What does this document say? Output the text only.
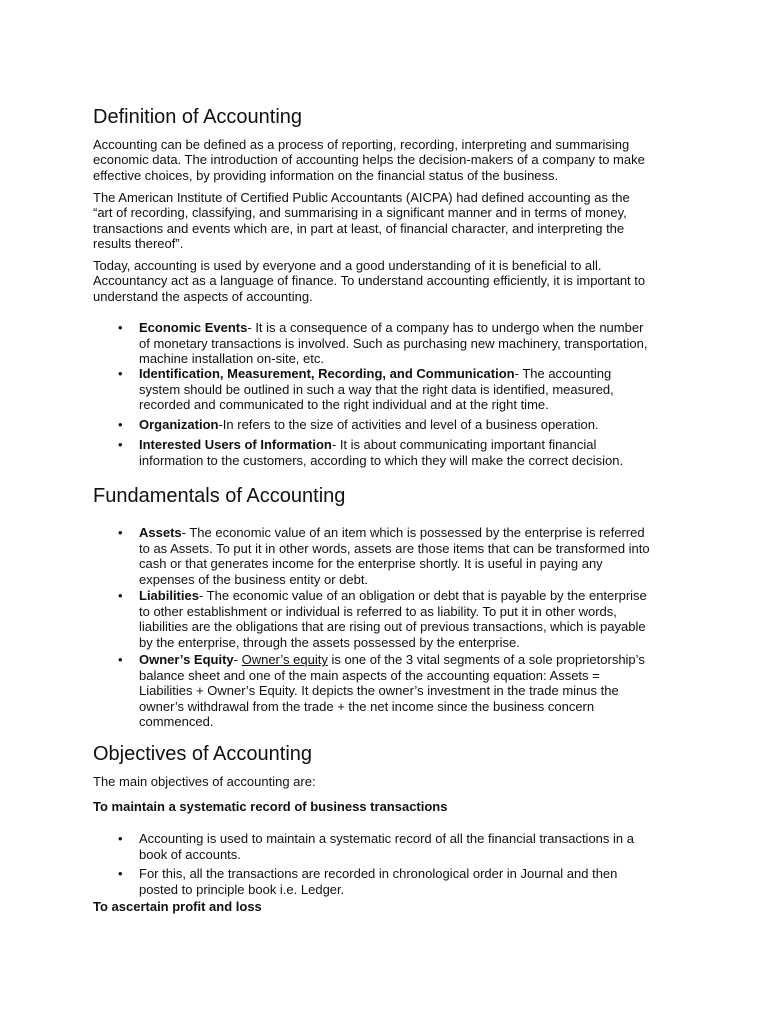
Definition of Accounting
Accounting can be defined as a process of reporting, recording, interpreting and summarising
economic data. The introduction of accounting helps the decision-makers of a company to make
effective choices, by providing information on the financial status of the business.
The American Institute of Certified Public Accountants (AICPA) had defined accounting as the
“art of recording, classifying, and summarising in a significant manner and in terms of money,
transactions and events which are, in part at least, of financial character, and interpreting the
results thereof”.
Today, accounting is used by everyone and a good understanding of it is beneficial to all.
Accountancy act as a language of finance. To understand accounting efficiently, it is important to
understand the aspects of accounting.
• Economic Events- It is a consequence of a company has to undergo when the number
of monetary transactions is involved. Such as purchasing new machinery, transportation,
machine installation on-site, etc.
• Identification, Measurement, Recording, and Communication- The accounting
system should be outlined in such a way that the right data is identified, measured,
recorded and communicated to the right individual and at the right time.
• Organization-In refers to the size of activities and level of a business operation.
• Interested Users of Information- It is about communicating important financial
information to the customers, according to which they will make the correct decision.
Fundamentals of Accounting
• Assets- The economic value of an item which is possessed by the enterprise is referred
to as Assets. To put it in other words, assets are those items that can be transformed into
cash or that generates income for the enterprise shortly. It is useful in paying any
expenses of the business entity or debt.
• Liabilities- The economic value of an obligation or debt that is payable by the enterprise
to other establishment or individual is referred to as liability. To put it in other words,
liabilities are the obligations that are rising out of previous transactions, which is payable
by the enterprise, through the assets possessed by the enterprise.
• Owner’s Equity- Owner’s equity is one of the 3 vital segments of a sole proprietorship’s
balance sheet and one of the main aspects of the accounting equation: Assets =
Liabilities + Owner’s Equity. It depicts the owner’s investment in the trade minus the
owner’s withdrawal from the trade + the net income since the business concern
commenced.
Objectives of Accounting
The main objectives of accounting are:
To maintain a systematic record of business transactions
• Accounting is used to maintain a systematic record of all the financial transactions in a
book of accounts.
• For this, all the transactions are recorded in chronological order in Journal and then
posted to principle book i.e. Ledger.
To ascertain profit and loss
